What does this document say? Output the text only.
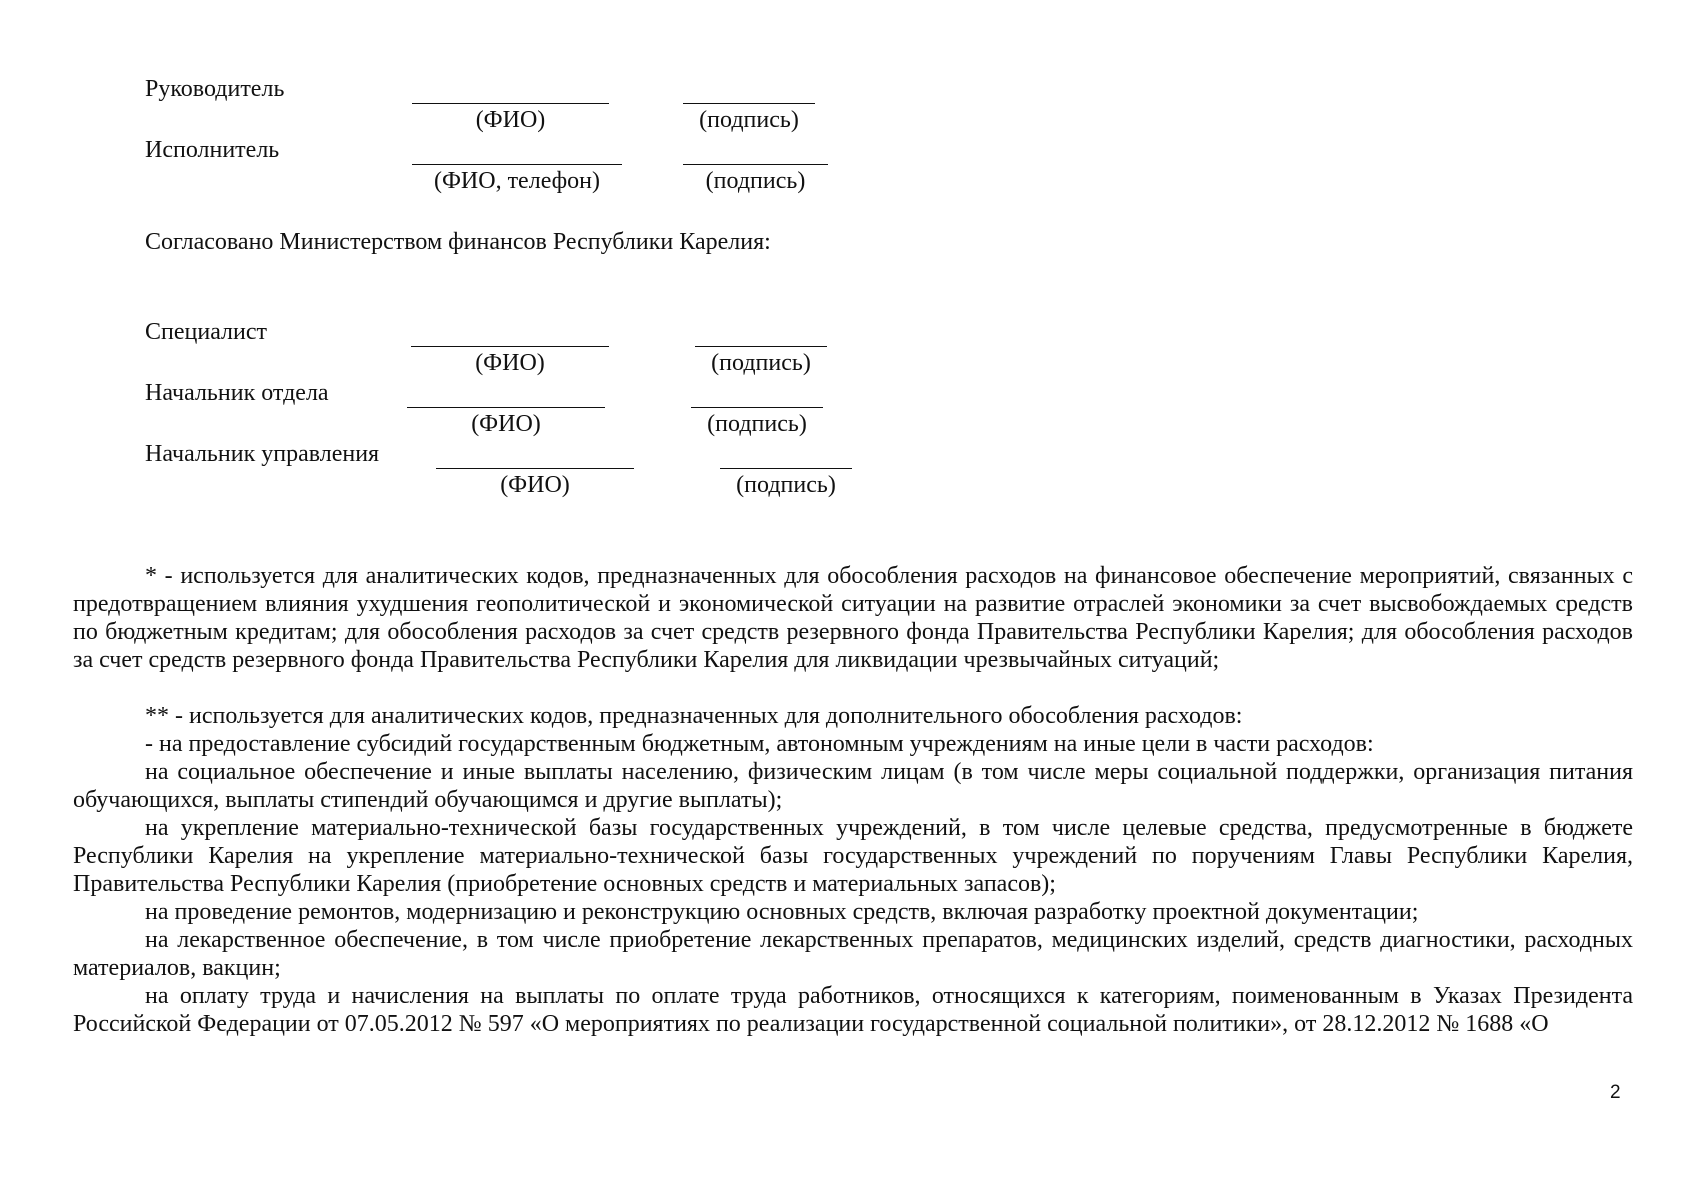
Руководитель
(ФИО)	(подпись)
Исполнитель
(ФИО, телефон)	(подпись)
Согласовано Министерством финансов Республики Карелия:
Специалист
(ФИО)	(подпись)
Начальник отдела
(ФИО)	(подпись)
Начальник управления
(ФИО)	(подпись)

* - используется для аналитических кодов, предназначенных для обособления расходов на финансовое обеспечение мероприятий, связанных с предотвращением влияния ухудшения геополитической и экономической ситуации на развитие отраслей экономики за счет высвобождаемых средств по бюджетным кредитам; для обособления расходов за счет средств резервного фонда Правительства Республики Карелия; для обособления расходов за счет средств резервного фонда Правительства Республики Карелия для ликвидации чрезвычайных ситуаций;

** - используется для аналитических кодов, предназначенных для дополнительного обособления расходов:

- на предоставление субсидий государственным бюджетным, автономным учреждениям на иные цели в части расходов:

на социальное обеспечение и иные выплаты населению, физическим лицам (в том числе меры социальной поддержки, организация питания обучающихся, выплаты стипендий обучающимся и другие выплаты);

на укрепление материально-технической базы государственных учреждений, в том числе целевые средства, предусмотренные в бюджете Республики Карелия на укрепление материально-технической базы государственных учреждений по поручениям Главы Республики Карелия, Правительства Республики Карелия (приобретение основных средств и материальных запасов);

на проведение ремонтов, модернизацию и реконструкцию основных средств, включая разработку проектной документации;

на лекарственное обеспечение, в том числе приобретение лекарственных препаратов, медицинских изделий, средств диагностики, расходных материалов, вакцин;

на оплату труда и начисления на выплаты по оплате труда работников, относящихся к категориям, поименованным в Указах Президента Российской Федерации от 07.05.2012 № 597 «О мероприятиях по реализации государственной социальной политики», от 28.12.2012 № 1688 «О

2
